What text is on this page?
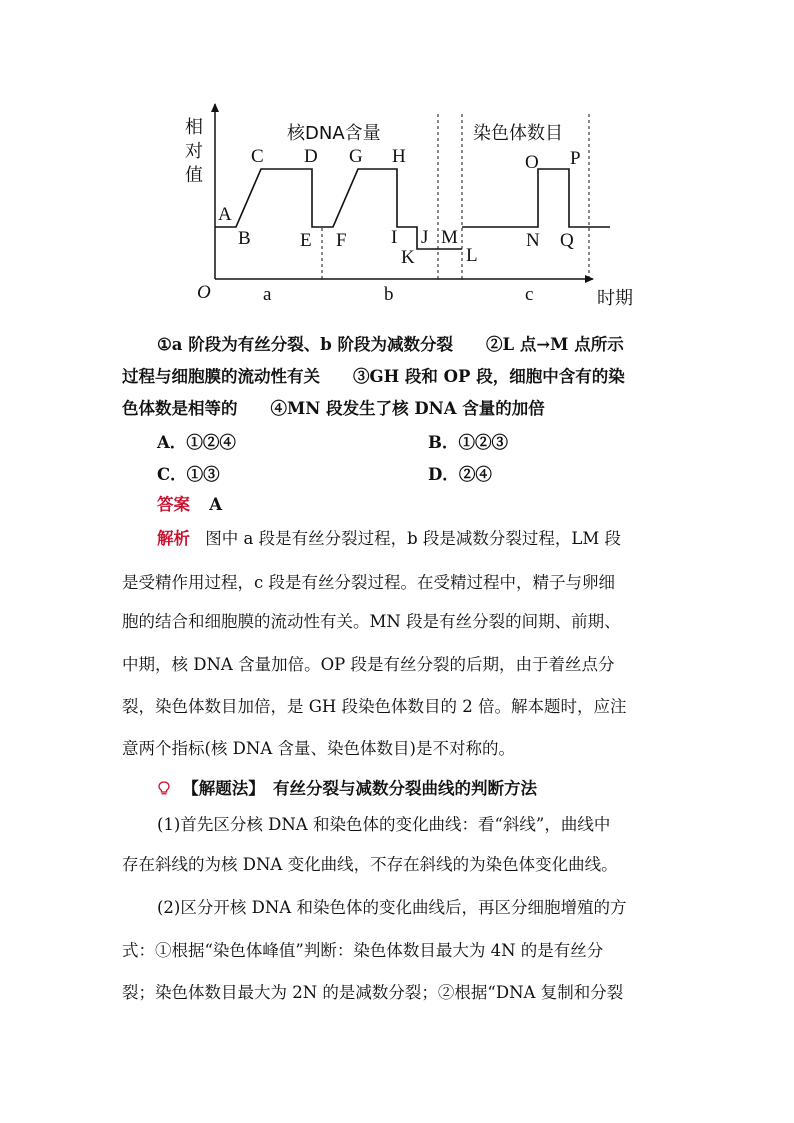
相
对
值
O	时期
核DNA含量	染色体数目
A
B
C D
E F
G H
I J
K
M
L
N
O P
Q
a	b	c
①a 阶段为有丝分裂、b 阶段为减数分裂　　②L 点→M 点所示
过程与细胞膜的流动性有关　　③GH 段和 OP 段，细胞中含有的染
色体数是相等的　　④MN 段发生了核 DNA 含量的加倍
A．①②④	B．①②③
C．①③	D．②④
答案 A
解析 图中 a 段是有丝分裂过程，b 段是减数分裂过程，LM 段
是受精作用过程，c 段是有丝分裂过程。在受精过程中，精子与卵细
胞的结合和细胞膜的流动性有关。MN 段是有丝分裂的间期、前期、
中期，核 DNA 含量加倍。OP 段是有丝分裂的后期，由于着丝点分
裂，染色体数目加倍，是 GH 段染色体数目的 2 倍。解本题时，应注
意两个指标(核 DNA 含量、染色体数目)是不对称的。
【解题法】　有丝分裂与减数分裂曲线的判断方法
(1)首先区分核 DNA 和染色体的变化曲线：看“斜线”，曲线中
存在斜线的为核 DNA 变化曲线，不存在斜线的为染色体变化曲线。
(2)区分开核 DNA 和染色体的变化曲线后，再区分细胞增殖的方
式：①根据“染色体峰值”判断：染色体数目最大为 4N 的是有丝分
裂；染色体数目最大为 2N 的是减数分裂；②根据“DNA 复制和分裂
